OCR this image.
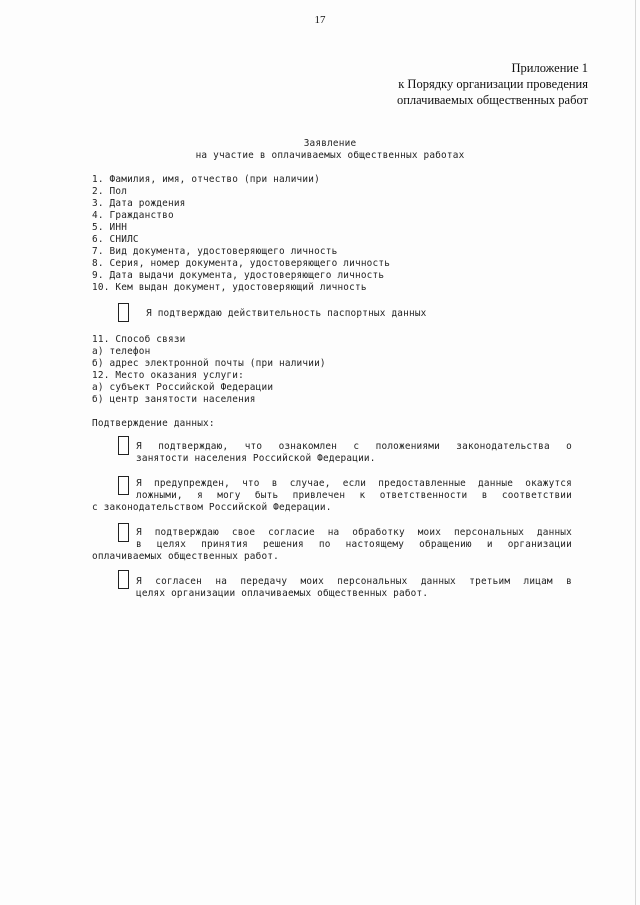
17
Приложение 1
к Порядку организации проведения
оплачиваемых общественных работ
Заявление
на участие в оплачиваемых общественных работах
1. Фамилия, имя, отчество (при наличии)
2. Пол
3. Дата рождения
4. Гражданство
5. ИНН
6. СНИЛС
7. Вид документа, удостоверяющего личность
8. Серия, номер документа, удостоверяющего личность
9. Дата выдачи документа, удостоверяющего личность
10. Кем выдан документ, удостоверяющий личность
Я подтверждаю действительность паспортных данных
11. Способ связи
а) телефон
б) адрес электронной почты (при наличии)
12. Место оказания услуги:
а) субъект Российской Федерации
б) центр занятости населения
Подтверждение данных:
Я подтверждаю, что ознакомлен с положениями законодательства о
занятости населения Российской Федерации.
Я предупрежден, что в случае, если предоставленные данные окажутся
ложными, я могу быть привлечен к ответственности в соответствии
с законодательством Российской Федерации.
Я подтверждаю свое согласие на обработку моих персональных данных
в целях принятия решения по настоящему обращению и организации
оплачиваемых общественных работ.
Я согласен на передачу моих персональных данных третьим лицам в
целях организации оплачиваемых общественных работ.
